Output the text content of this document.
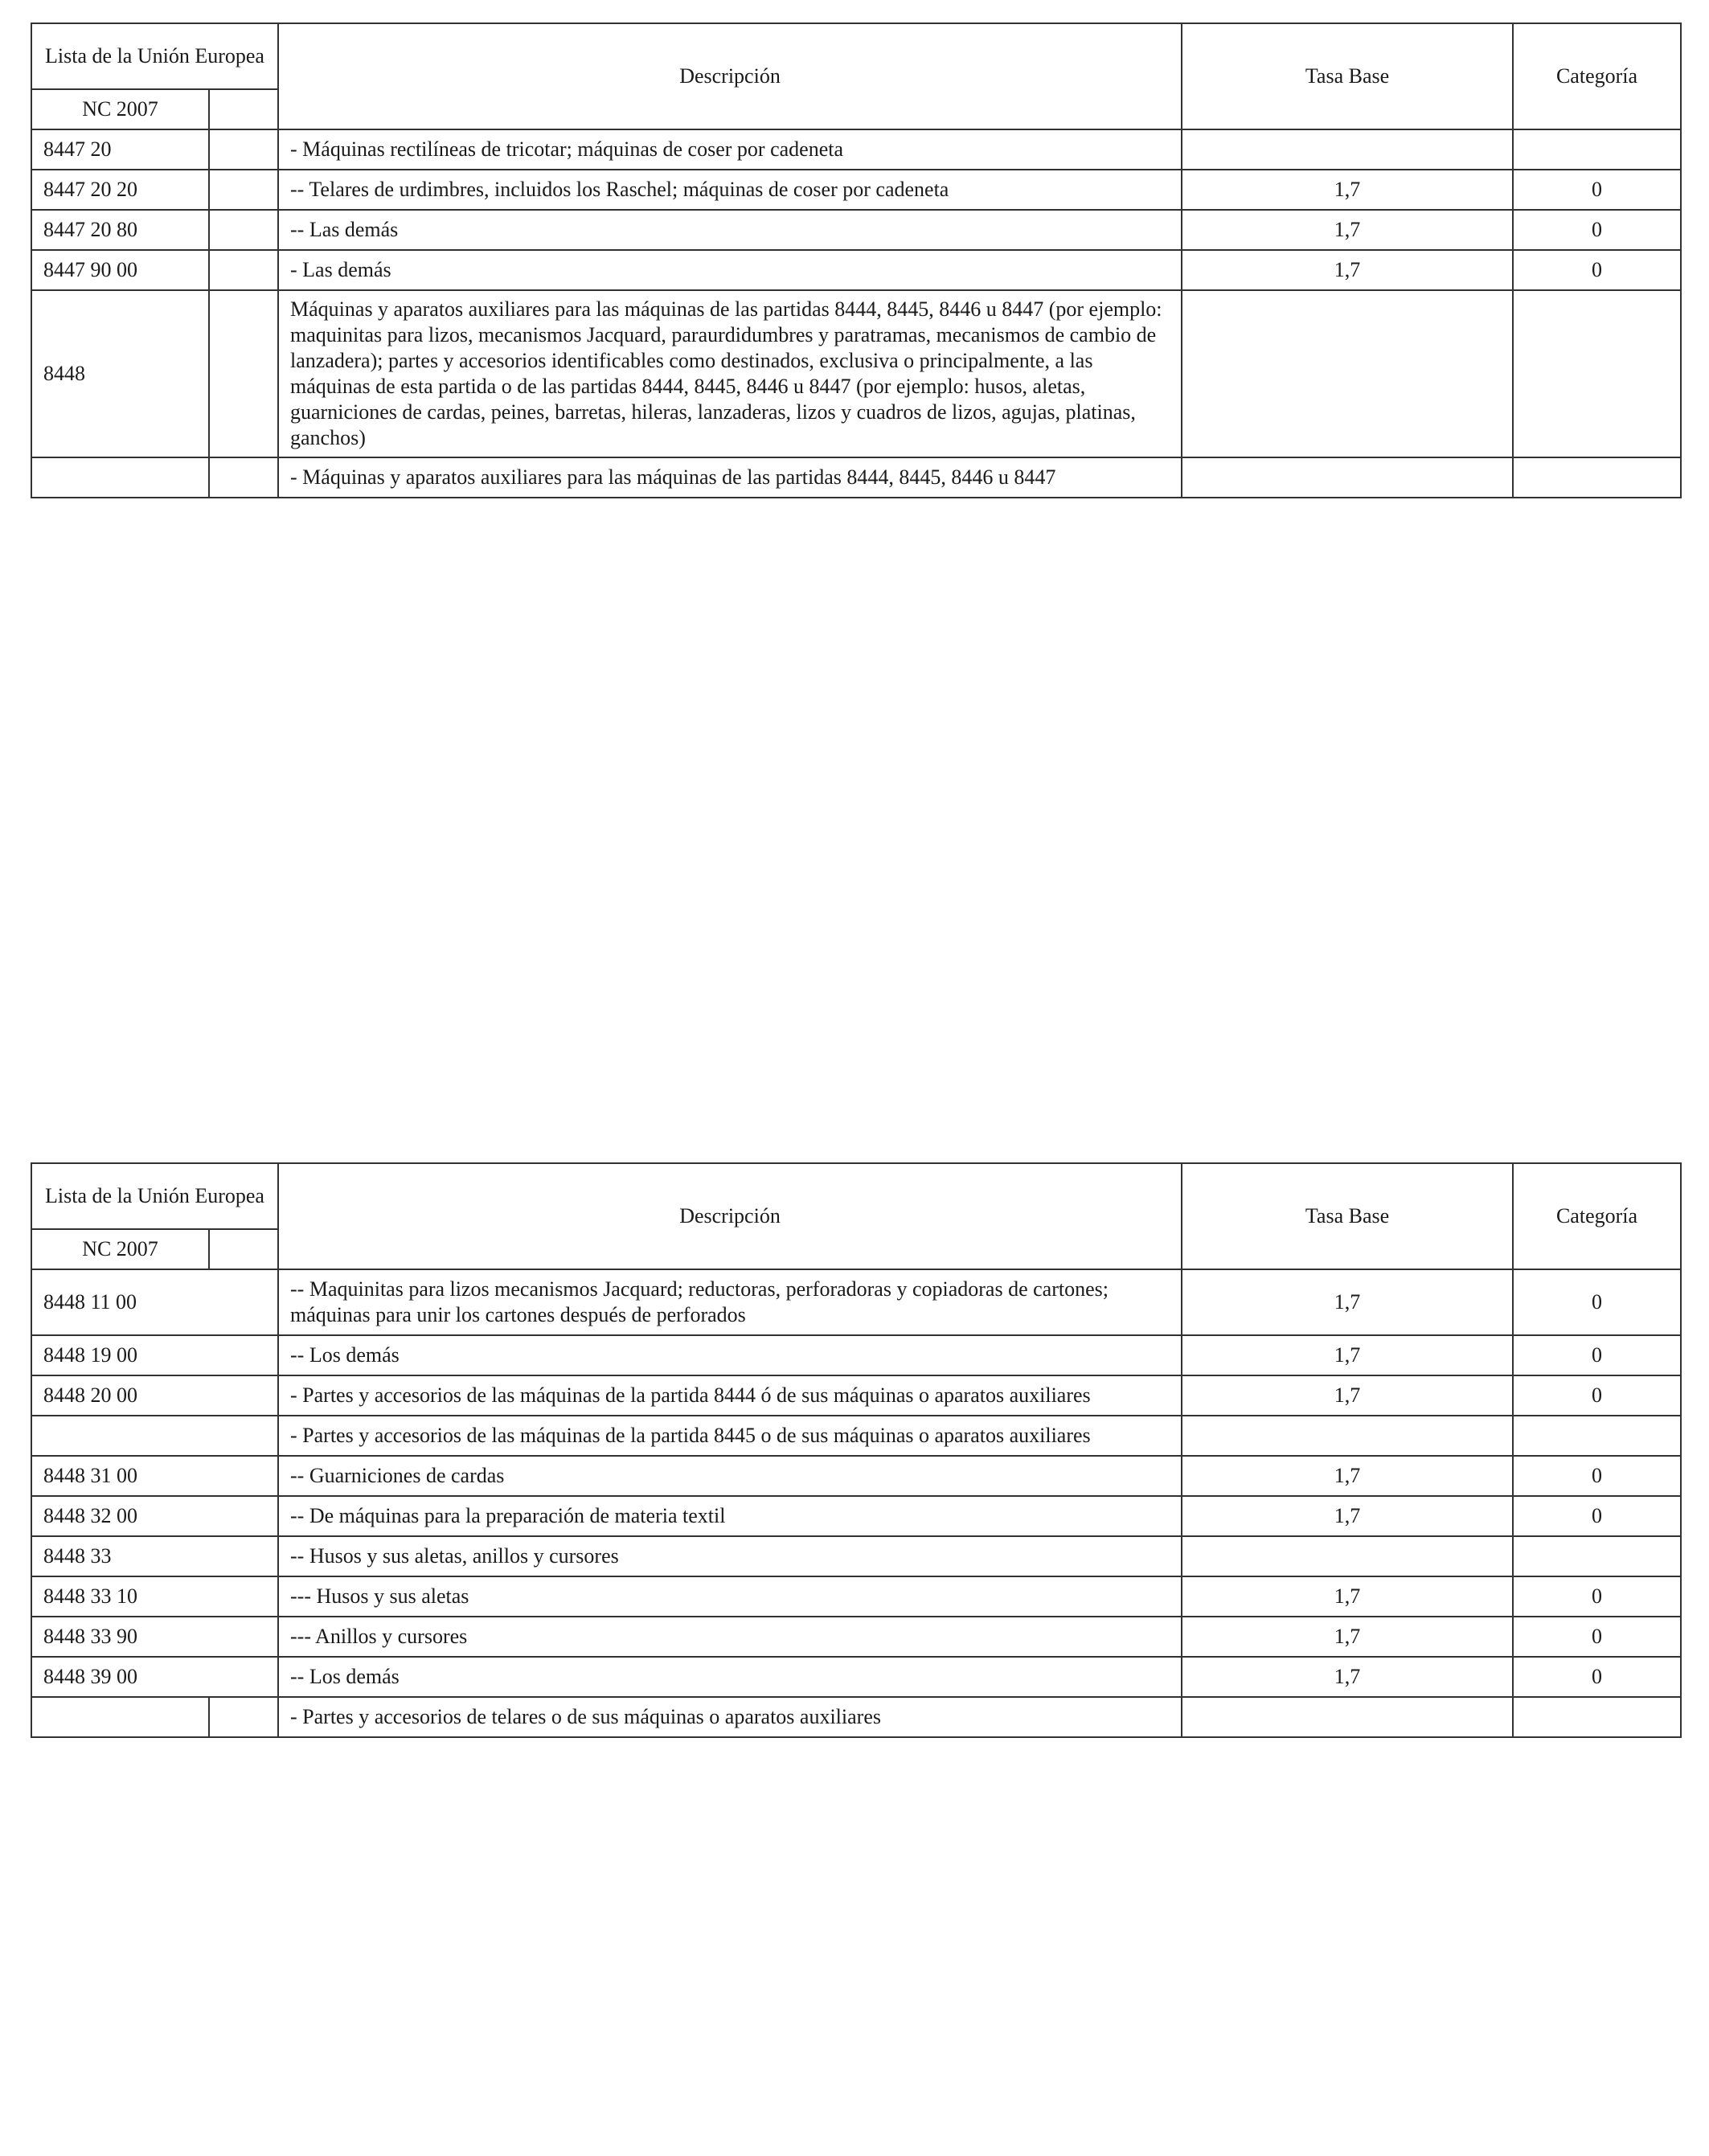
Lista de la Unión Europea		Descripción	Tasa Base	Categoría
NC 2007				
8447 20		- Máquinas rectilíneas de tricotar; máquinas de coser por cadeneta		
8447 20 20		-- Telares de urdimbres, incluidos los Raschel; máquinas de coser por cadeneta	1,7	0
8447 20 80		-- Las demás	1,7	0
8447 90 00		- Las demás	1,7	0
8448		Máquinas y aparatos auxiliares para las máquinas de las partidas 8444, 8445, 8446 u 8447 (por ejemplo: maquinitas para lizos, mecanismos Jacquard, paraurdidumbres y paratramas, mecanismos de cambio de lanzadera); partes y accesorios identificables como destinados, exclusiva o principalmente, a las máquinas de esta partida o de las partidas 8444, 8445, 8446 u 8447 (por ejemplo: husos, aletas, guarniciones de cardas, peines, barretas, hileras, lanzaderas, lizos y cuadros de lizos, agujas, platinas, ganchos)		
		- Máquinas y aparatos auxiliares para las máquinas de las partidas 8444, 8445, 8446 u 8447		
Lista de la Unión Europea		Descripción	Tasa Base	Categoría
NC 2007				
8448 11 00		-- Maquinitas para lizos mecanismos Jacquard; reductoras, perforadoras y copiadoras de cartones; máquinas para unir los cartones después de perforados	1,7	0
8448 19 00		-- Los demás	1,7	0
8448 20 00		- Partes y accesorios de las máquinas de la partida 8444 ó de sus máquinas o aparatos auxiliares	1,7	0
		- Partes y accesorios de las máquinas de la partida 8445 o de sus máquinas o aparatos auxiliares		
8448 31 00		-- Guarniciones de cardas	1,7	0
8448 32 00		-- De máquinas para la preparación de materia textil	1,7	0
8448 33		-- Husos y sus aletas, anillos y cursores		
8448 33 10		--- Husos y sus aletas	1,7	0
8448 33 90		--- Anillos y cursores	1,7	0
8448 39 00		-- Los demás	1,7	0
		- Partes y accesorios de telares o de sus máquinas o aparatos auxiliares		
